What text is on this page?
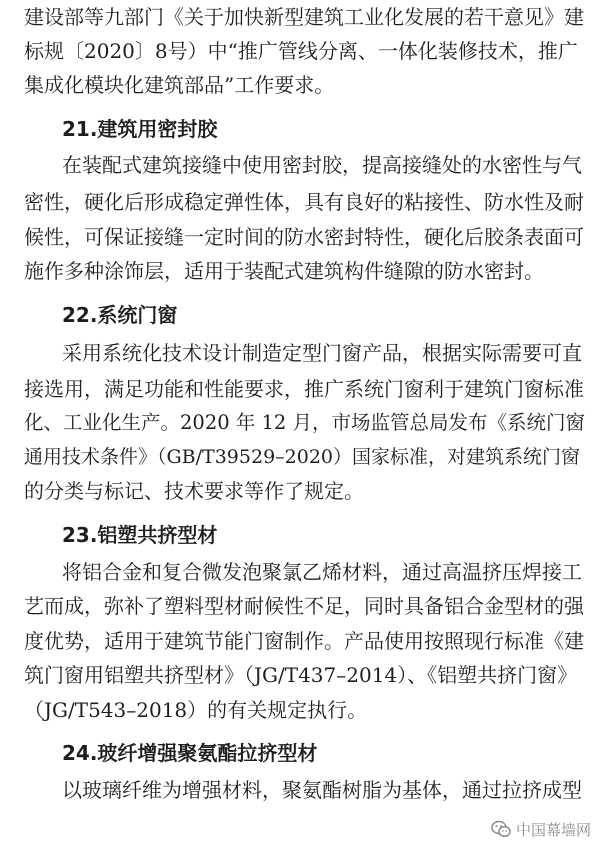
建设部等九部门《关于加快新型建筑工业化发展的若干意见》建
标规〔2020〕8号）中“推广管线分离、一体化装修技术，推广
集成化模块化建筑部品”工作要求。
21.建筑用密封胶
在装配式建筑接缝中使用密封胶，提高接缝处的水密性与气
密性，硬化后形成稳定弹性体，具有良好的粘接性、防水性及耐
候性，可保证接缝一定时间的防水密封特性，硬化后胶条表面可
施作多种涂饰层，适用于装配式建筑构件缝隙的防水密封。
22.系统门窗
采用系统化技术设计制造定型门窗产品，根据实际需要可直
接选用，满足功能和性能要求，推广系统门窗利于建筑门窗标准
化、工业化生产。2020 年 12 月，市场监管总局发布《系统门窗
通用技术条件》（GB/T39529–2020）国家标准，对建筑系统门窗
的分类与标记、技术要求等作了规定。
23.铝塑共挤型材
将铝合金和复合微发泡聚氯乙烯材料，通过高温挤压焊接工
艺而成，弥补了塑料型材耐候性不足，同时具备铝合金型材的强
度优势，适用于建筑节能门窗制作。产品使用按照现行标准《建
筑门窗用铝塑共挤型材》（JG/T437–2014）、《铝塑共挤门窗》
（JG/T543–2018）的有关规定执行。
24.玻纤增强聚氨酯拉挤型材
以玻璃纤维为增强材料，聚氨酯树脂为基体，通过拉挤成型
中国幕墙网
